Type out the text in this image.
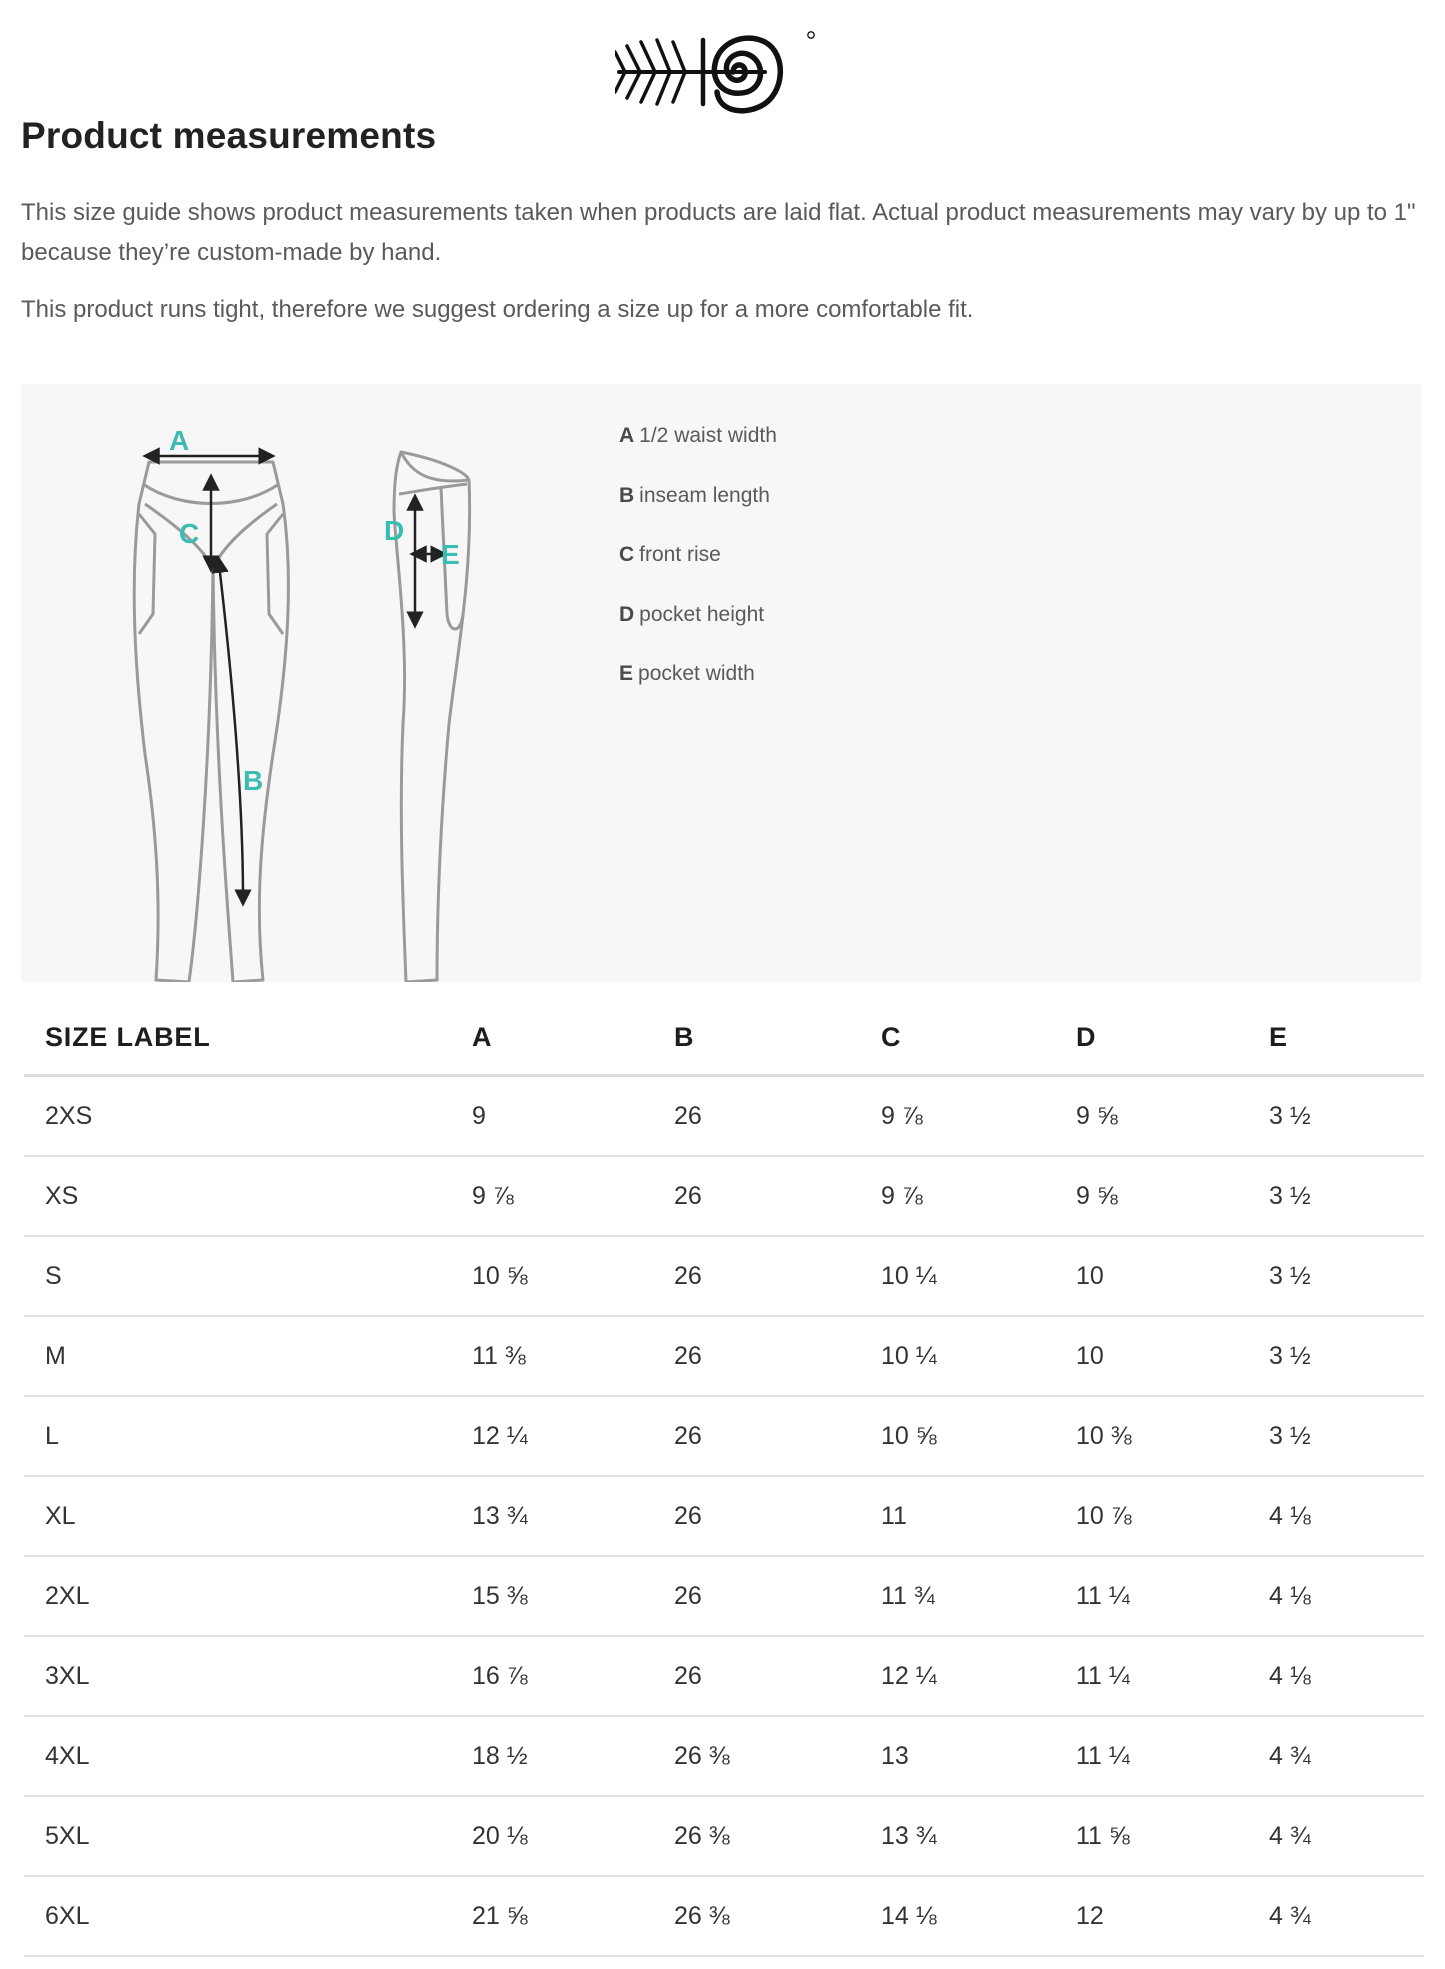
Product measurements

This size guide shows product measurements taken when products are laid flat. Actual product measurements may vary by up to 1" because they’re custom-made by hand.

This product runs tight, therefore we suggest ordering a size up for a more comfortable fit.

A
C
B
D
E
A 1/2 waist width
B inseam length
C front rise
D pocket height
E pocket width
SIZE LABEL	A	B	C	D	E
2XS	9	26	9 ⅞	9 ⅝	3 ½
XS	9 ⅞	26	9 ⅞	9 ⅝	3 ½
S	10 ⅝	26	10 ¼	10	3 ½
M	11 ⅜	26	10 ¼	10	3 ½
L	12 ¼	26	10 ⅝	10 ⅜	3 ½
XL	13 ¾	26	11	10 ⅞	4 ⅛
2XL	15 ⅜	26	11 ¾	11 ¼	4 ⅛
3XL	16 ⅞	26	12 ¼	11 ¼	4 ⅛
4XL	18 ½	26 ⅜	13	11 ¼	4 ¾
5XL	20 ⅛	26 ⅜	13 ¾	11 ⅝	4 ¾
6XL	21 ⅝	26 ⅜	14 ⅛	12	4 ¾
